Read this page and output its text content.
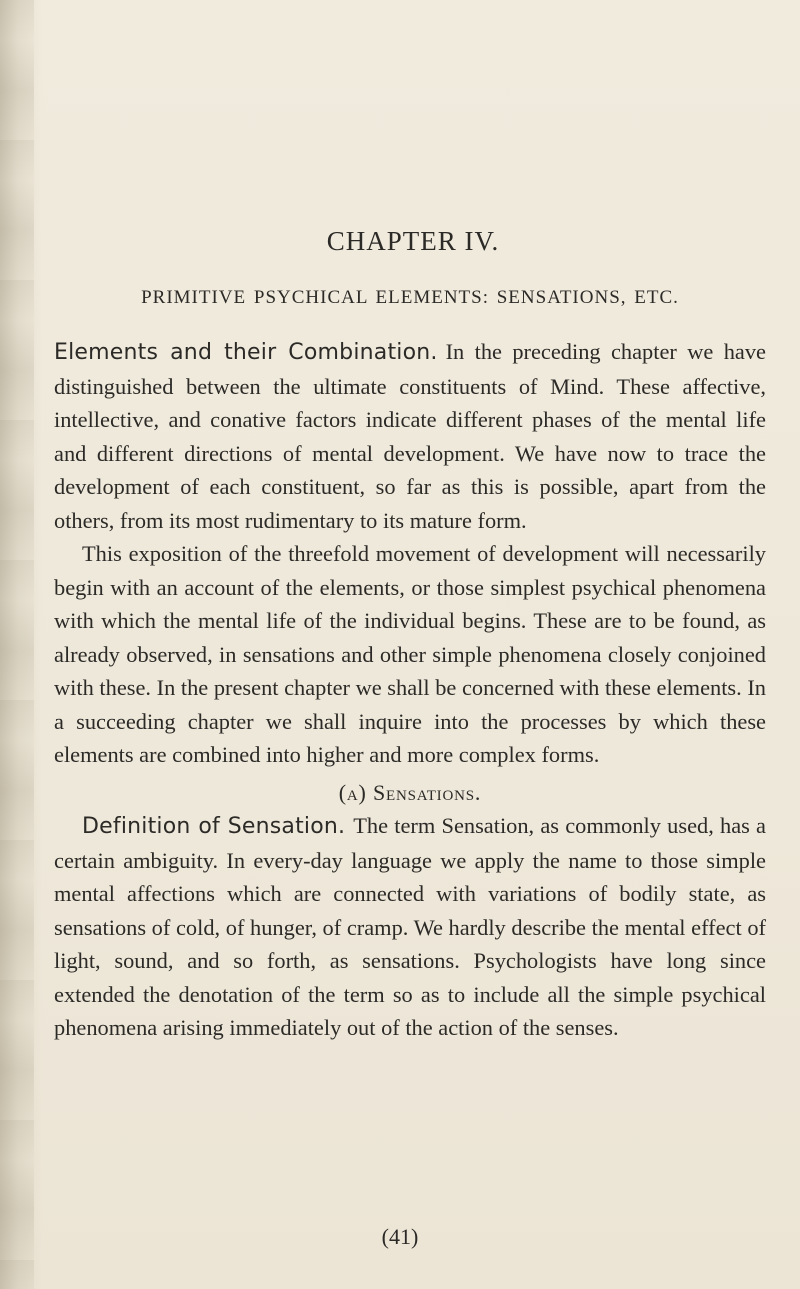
CHAPTER IV.
PRIMITIVE PSYCHICAL ELEMENTS: SENSATIONS, ETC.

Elements and their Combination. In the preceding chapter we have distinguished between the ultimate constituents of Mind. These affective, intellective, and conative factors indicate different phases of the mental life and different directions of mental development. We have now to trace the development of each constituent, so far as this is possible, apart from the others, from its most rudimentary to its mature form.

This exposition of the threefold movement of development will necessarily begin with an account of the elements, or those simplest psychical phenomena with which the mental life of the individual begins. These are to be found, as already observed, in sensations and other simple phenomena closely conjoined with these. In the present chapter we shall be concerned with these elements. In a succeeding chapter we shall inquire into the processes by which these elements are combined into higher and more complex forms.

(a) Sensations.

Definition of Sensation. The term Sensation, as commonly used, has a certain ambiguity. In every-day language we apply the name to those simple mental affections which are connected with variations of bodily state, as sensations of cold, of hunger, of cramp. We hardly describe the mental effect of light, sound, and so forth, as sensations. Psychologists have long since extended the denotation of the term so as to include all the simple psychical phenomena arising immediately out of the action of the senses.

(41)
